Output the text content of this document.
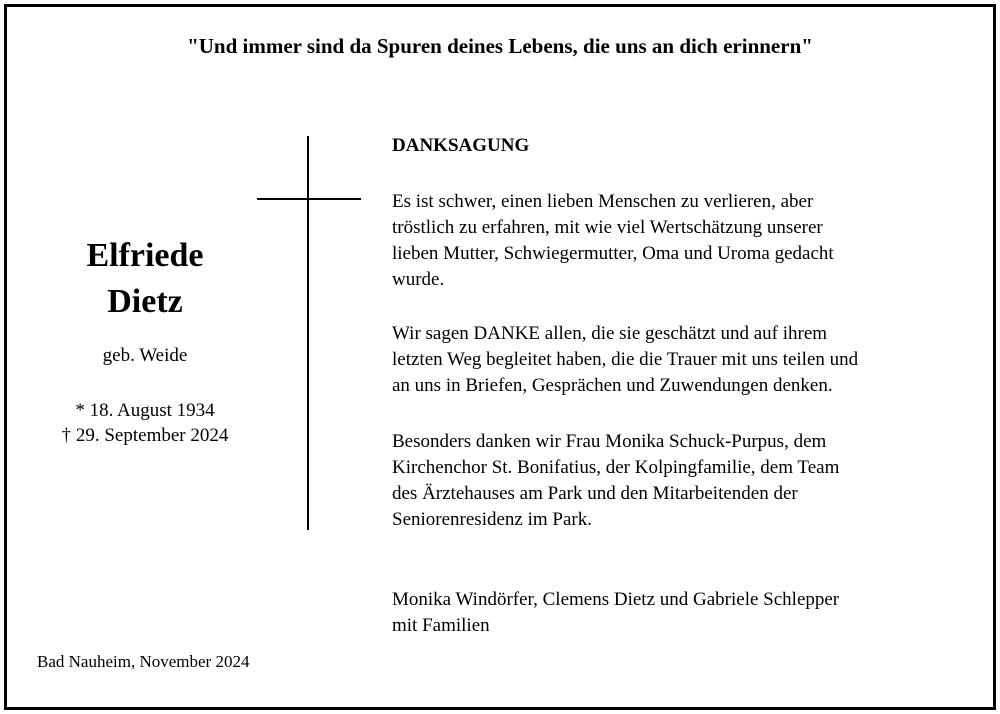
"Und immer sind da Spuren deines Lebens, die uns an dich erinnern"
Elfriede
Dietz
geb. Weide
* 18. August 1934
† 29. September 2024
DANKSAGUNG
Es ist schwer, einen lieben Menschen zu verlieren, aber
tröstlich zu erfahren, mit wie viel Wertschätzung unserer
lieben Mutter, Schwiegermutter, Oma und Uroma gedacht
wurde.
Wir sagen DANKE allen, die sie geschätzt und auf ihrem
letzten Weg begleitet haben, die die Trauer mit uns teilen und
an uns in Briefen, Gesprächen und Zuwendungen denken.
Besonders danken wir Frau Monika Schuck-Purpus, dem
Kirchenchor St. Bonifatius, der Kolpingfamilie, dem Team
des Ärztehauses am Park und den Mitarbeitenden der
Seniorenresidenz im Park.
Monika Windörfer, Clemens Dietz und Gabriele Schlepper
mit Familien
Bad Nauheim, November 2024
